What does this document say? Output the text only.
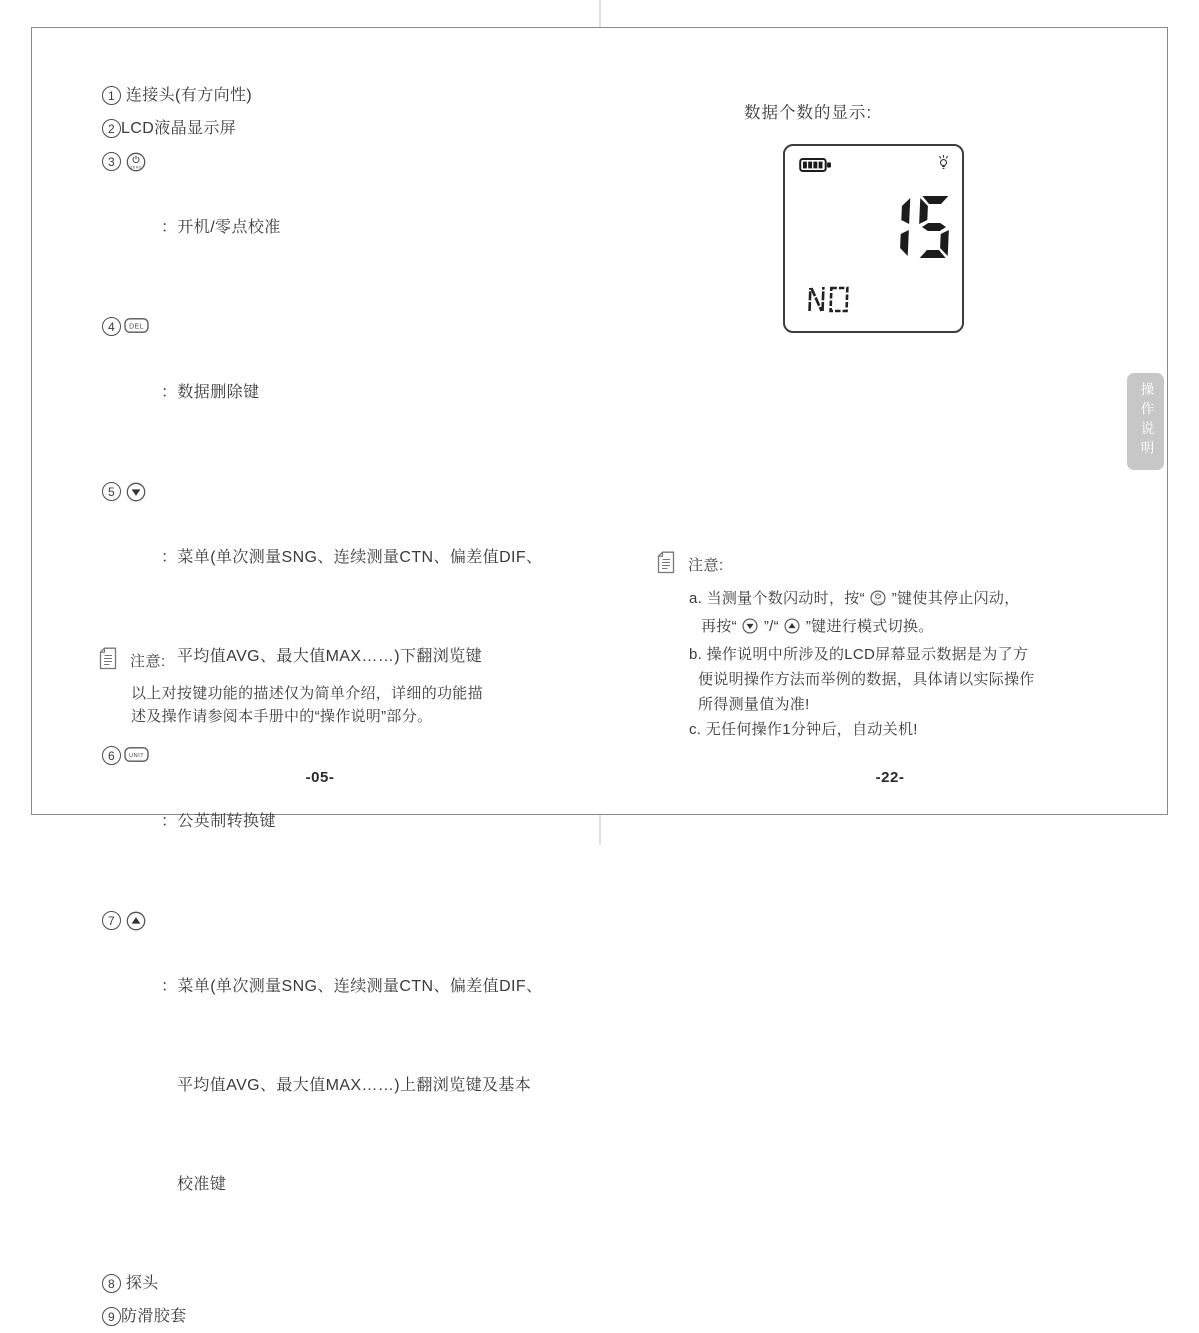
1 连接头(有方向性)
2 LCD液晶显示屏
3	ZERO

：开机/零点校准

4	DEL

：数据删除键

5

：菜单(单次测量SNG、连续测量CTN、偏差值DIF、

平均值AVG、最大值MAX……)下翻浏览键

6	UNIT

：公英制转换键

7

：菜单(单次测量SNG、连续测量CTN、偏差值DIF、

平均值AVG、最大值MAX……)上翻浏览键及基本

校准键

8 探头
9 防滑胶套
注意:
以上对按键功能的描述仅为简单介绍，详细的功能描
述及操作请参阅本手册中的“操作说明”部分。
-05-
数据个数的显示:
注意:
a. 当测量个数闪动时，按“ ZERO ”键使其停止闪动，
再按“  ”/“  ”键进行模式切换。
b. 操作说明中所涉及的LCD屏幕显示数据是为了方
便说明操作方法而举例的数据，具体请以实际操作
所得测量值为准!
c. 无任何操作1分钟后，自动关机!
-22-
操作说明
